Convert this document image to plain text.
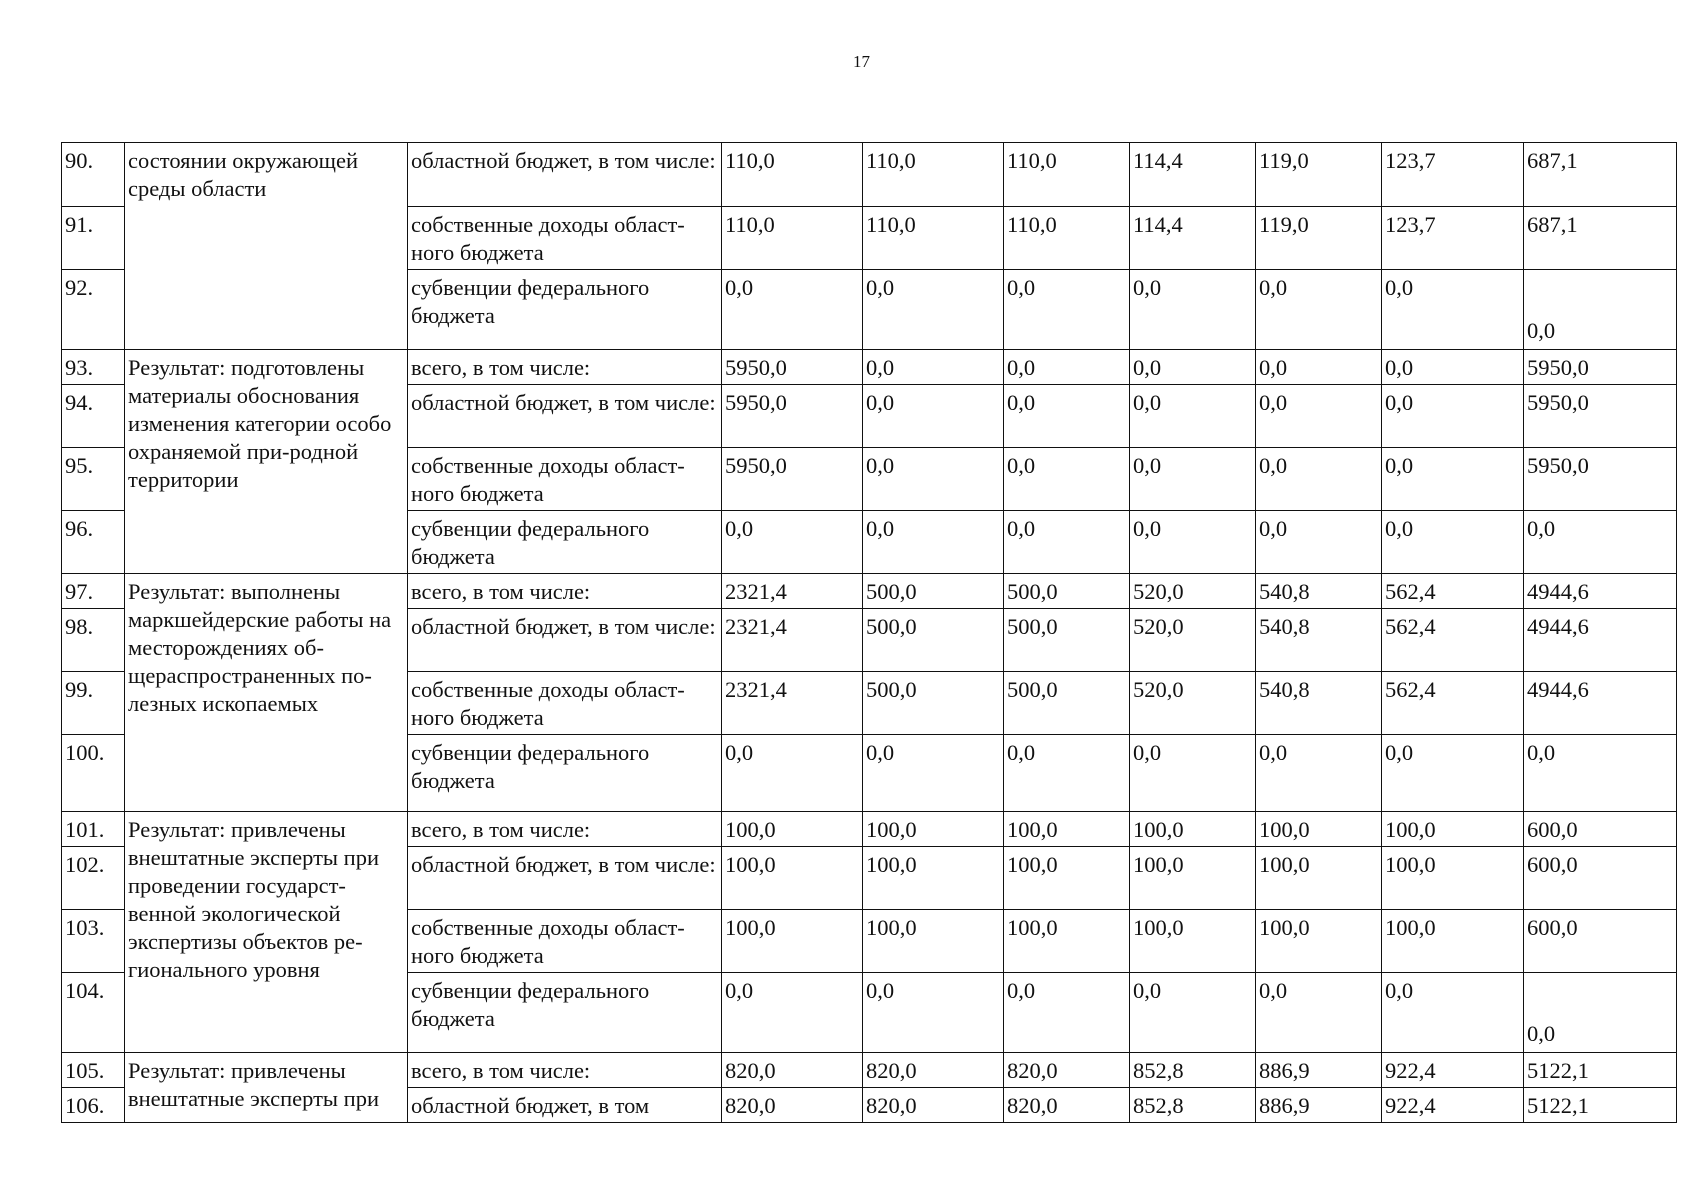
17
90.	состоянии окружающей среды области	областной бюджет, в том числе:	110,0	110,0	110,0	114,4	119,0	123,7	687,1
91.		собственные доходы област-ного бюджета	110,0	110,0	110,0	114,4	119,0	123,7	687,1
92.		субвенции федерального бюджета	0,0	0,0	0,0	0,0	0,0	0,0	0,0
93.	Результат: подготовлены материалы обоснования изменения категории особо охраняемой при-родной территории	всего, в том числе:	5950,0	0,0	0,0	0,0	0,0	0,0	5950,0
94.		областной бюджет, в том числе:	5950,0	0,0	0,0	0,0	0,0	0,0	5950,0
95.		собственные доходы област-ного бюджета	5950,0	0,0	0,0	0,0	0,0	0,0	5950,0
96.		субвенции федерального бюджета	0,0	0,0	0,0	0,0	0,0	0,0	0,0
97.	Результат: выполнены маркшейдерские работы на месторождениях об-щераспространенных по-лезных ископаемых	всего, в том числе:	2321,4	500,0	500,0	520,0	540,8	562,4	4944,6
98.		областной бюджет, в том числе:	2321,4	500,0	500,0	520,0	540,8	562,4	4944,6
99.		собственные доходы област-ного бюджета	2321,4	500,0	500,0	520,0	540,8	562,4	4944,6
100.		субвенции федерального бюджета	0,0	0,0	0,0	0,0	0,0	0,0	0,0
101.	Результат: привлечены внештатные эксперты при проведении государст-венной экологической экспертизы объектов ре-гионального уровня	всего, в том числе:	100,0	100,0	100,0	100,0	100,0	100,0	600,0
102.		областной бюджет, в том числе:	100,0	100,0	100,0	100,0	100,0	100,0	600,0
103.		собственные доходы област-ного бюджета	100,0	100,0	100,0	100,0	100,0	100,0	600,0
104.		субвенции федерального бюджета	0,0	0,0	0,0	0,0	0,0	0,0	0,0
105.	Результат: привлечены внештатные эксперты при	всего, в том числе:	820,0	820,0	820,0	852,8	886,9	922,4	5122,1
106.		областной бюджет, в том	820,0	820,0	820,0	852,8	886,9	922,4	5122,1
